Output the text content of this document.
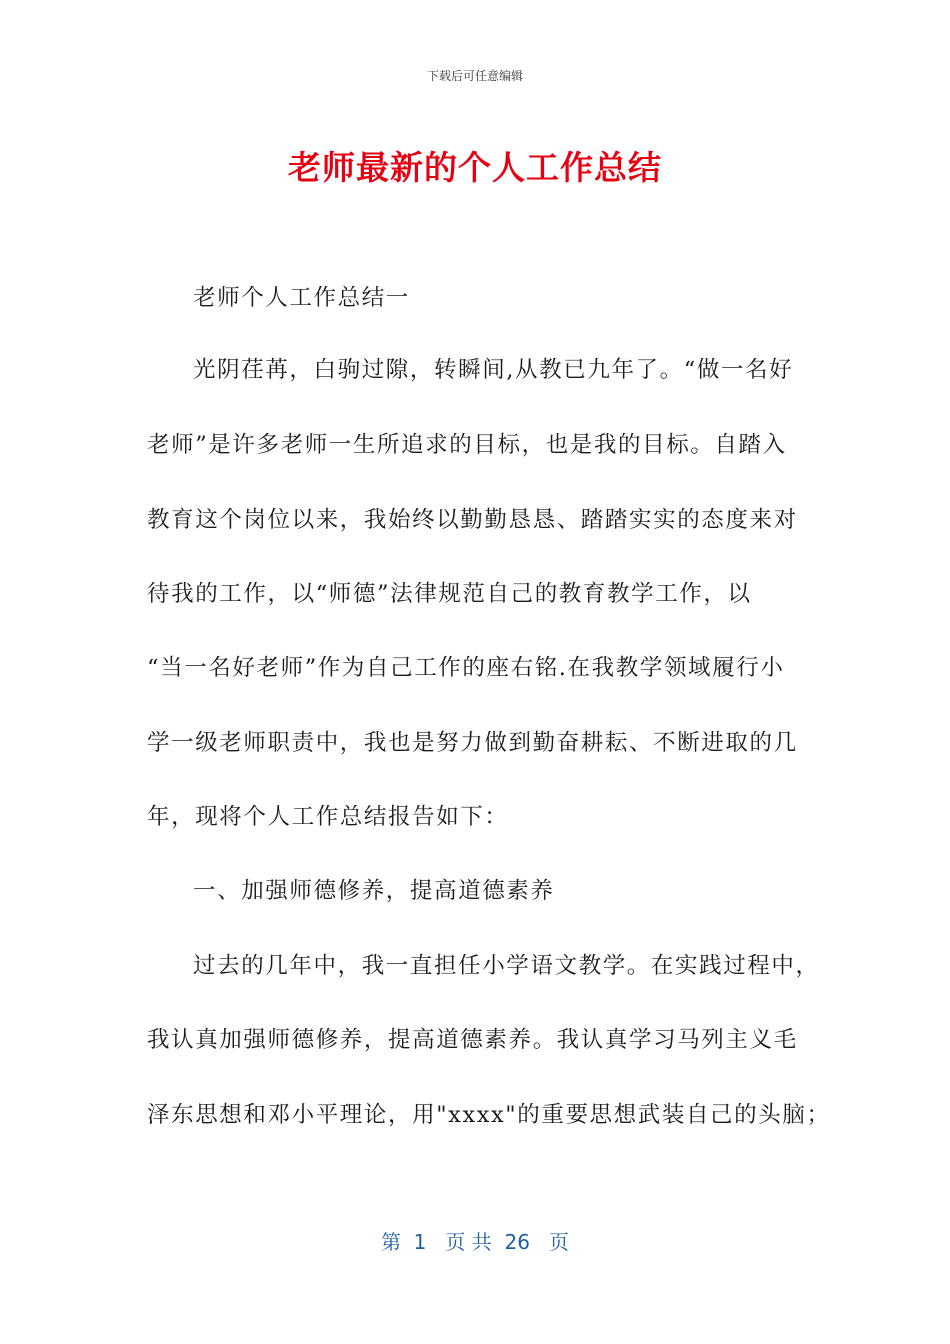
下载后可任意编辑
老师最新的个人工作总结
老师个人工作总结一
光阴荏苒，白驹过隙，转瞬间,从教已九年了。“做一名好
老师”是许多老师一生所追求的目标，也是我的目标。自踏入
教育这个岗位以来，我始终以勤勤恳恳、踏踏实实的态度来对
待我的工作，以“师德”法律规范自己的教育教学工作，以
“当一名好老师”作为自己工作的座右铭.在我教学领域履行小
学一级老师职责中，我也是努力做到勤奋耕耘、不断进取的几
年，现将个人工作总结报告如下：
一、加强师德修养，提高道德素养
过去的几年中，我一直担任小学语文教学。在实践过程中，
我认真加强师德修养，提高道德素养。我认真学习马列主义毛
泽东思想和邓小平理论，用"xxxx"的重要思想武装自己的头脑；
第  1   页 共  26   页
